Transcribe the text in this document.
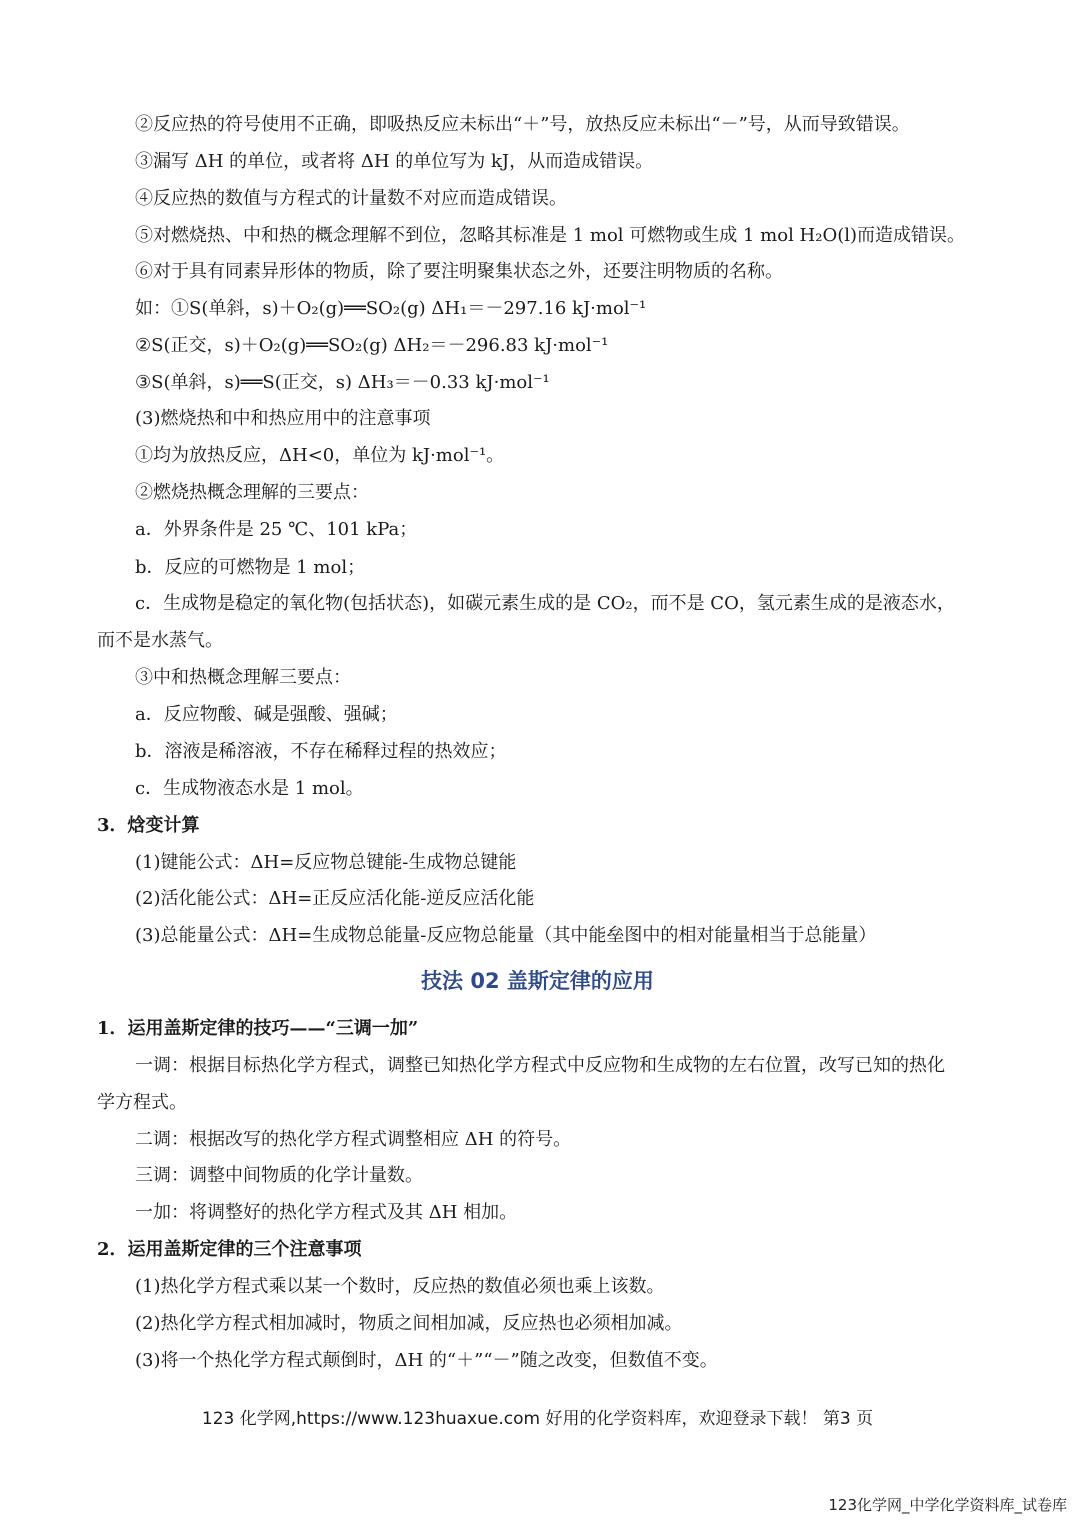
②反应热的符号使用不正确，即吸热反应未标出“＋”号，放热反应未标出“－”号，从而导致错误。
③漏写 ΔH 的单位，或者将 ΔH 的单位写为 kJ，从而造成错误。
④反应热的数值与方程式的计量数不对应而造成错误。
⑤对燃烧热、中和热的概念理解不到位，忽略其标准是 1 mol 可燃物或生成 1 mol H₂O(l)而造成错误。
⑥对于具有同素异形体的物质，除了要注明聚集状态之外，还要注明物质的名称。
如：①S(单斜，s)＋O₂(g)══SO₂(g) ΔH₁＝－297.16 kJ·mol⁻¹
②S(正交，s)＋O₂(g)══SO₂(g) ΔH₂＝－296.83 kJ·mol⁻¹
③S(单斜，s)══S(正交，s) ΔH₃＝－0.33 kJ·mol⁻¹
(3)燃烧热和中和热应用中的注意事项
①均为放热反应，ΔH<0，单位为 kJ·mol⁻¹。
②燃烧热概念理解的三要点：
a．外界条件是 25 ℃、101 kPa；
b．反应的可燃物是 1 mol；
c．生成物是稳定的氧化物(包括状态)，如碳元素生成的是 CO₂，而不是 CO，氢元素生成的是液态水，
而不是水蒸气。
③中和热概念理解三要点：
a．反应物酸、碱是强酸、强碱；
b．溶液是稀溶液，不存在稀释过程的热效应；
c．生成物液态水是 1 mol。
3．焓变计算
(1)键能公式：ΔH=反应物总键能-生成物总键能
(2)活化能公式：ΔH=正反应活化能-逆反应活化能
(3)总能量公式：ΔH=生成物总能量-反应物总能量（其中能垒图中的相对能量相当于总能量）
技法 02 盖斯定律的应用
1．运用盖斯定律的技巧——“三调一加”
一调：根据目标热化学方程式，调整已知热化学方程式中反应物和生成物的左右位置，改写已知的热化
学方程式。
二调：根据改写的热化学方程式调整相应 ΔH 的符号。
三调：调整中间物质的化学计量数。
一加：将调整好的热化学方程式及其 ΔH 相加。
2．运用盖斯定律的三个注意事项
(1)热化学方程式乘以某一个数时，反应热的数值必须也乘上该数。
(2)热化学方程式相加减时，物质之间相加减，反应热也必须相加减。
(3)将一个热化学方程式颠倒时，ΔH 的“＋”“－”随之改变，但数值不变。
123 化学网,https://www.123huaxue.com 好用的化学资料库，欢迎登录下载！ 第3 页
123化学网_中学化学资料库_试卷库
